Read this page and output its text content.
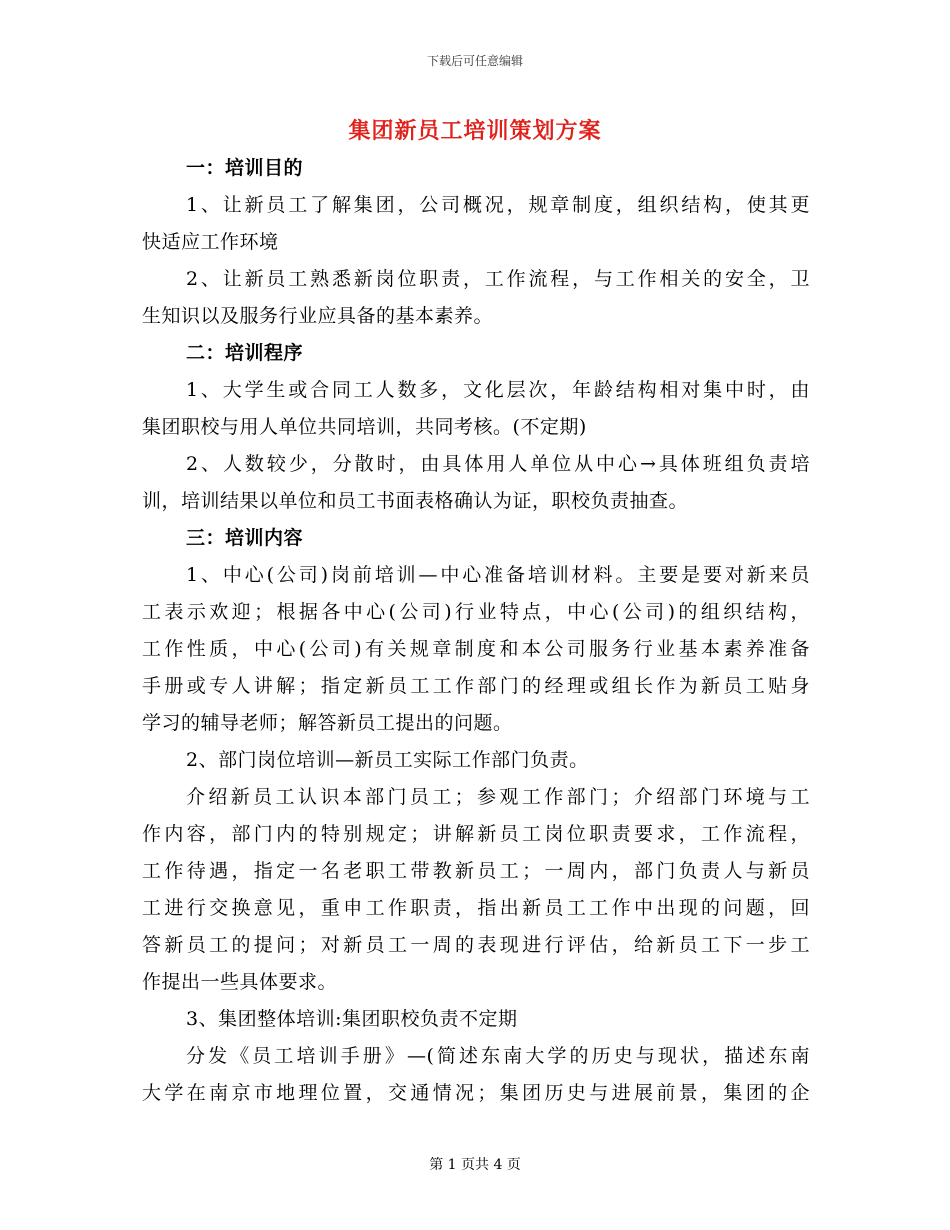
下载后可任意编辑
集团新员工培训策划方案
一：培训目的
1、让新员工了解集团，公司概况，规章制度，组织结构，使其更
快适应工作环境
2、让新员工熟悉新岗位职责，工作流程，与工作相关的安全，卫
生知识以及服务行业应具备的基本素养。
二：培训程序
1、大学生或合同工人数多，文化层次，年龄结构相对集中时，由
集团职校与用人单位共同培训，共同考核。(不定期)
2、人数较少，分散时，由具体用人单位从中心→具体班组负责培
训，培训结果以单位和员工书面表格确认为证，职校负责抽查。
三：培训内容
1、中心(公司)岗前培训—中心准备培训材料。主要是要对新来员
工表示欢迎；根据各中心(公司)行业特点，中心(公司)的组织结构，
工作性质，中心(公司)有关规章制度和本公司服务行业基本素养准备
手册或专人讲解；指定新员工工作部门的经理或组长作为新员工贴身
学习的辅导老师；解答新员工提出的问题。
2、部门岗位培训—新员工实际工作部门负责。
介绍新员工认识本部门员工；参观工作部门；介绍部门环境与工
作内容，部门内的特别规定；讲解新员工岗位职责要求，工作流程，
工作待遇，指定一名老职工带教新员工；一周内，部门负责人与新员
工进行交换意见，重申工作职责，指出新员工工作中出现的问题，回
答新员工的提问；对新员工一周的表现进行评估，给新员工下一步工
作提出一些具体要求。
3、集团整体培训:集团职校负责不定期
分发《员工培训手册》—(简述东南大学的历史与现状，描述东南
大学在南京市地理位置，交通情况；集团历史与进展前景，集团的企
第 1 页共 4 页
